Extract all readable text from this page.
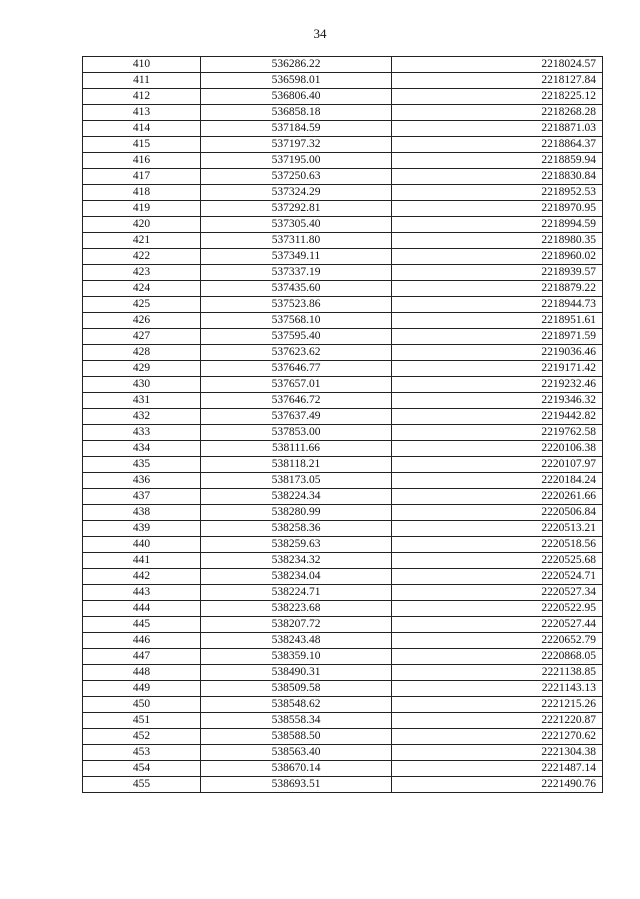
34
410	536286.22	2218024.57
411	536598.01	2218127.84
412	536806.40	2218225.12
413	536858.18	2218268.28
414	537184.59	2218871.03
415	537197.32	2218864.37
416	537195.00	2218859.94
417	537250.63	2218830.84
418	537324.29	2218952.53
419	537292.81	2218970.95
420	537305.40	2218994.59
421	537311.80	2218980.35
422	537349.11	2218960.02
423	537337.19	2218939.57
424	537435.60	2218879.22
425	537523.86	2218944.73
426	537568.10	2218951.61
427	537595.40	2218971.59
428	537623.62	2219036.46
429	537646.77	2219171.42
430	537657.01	2219232.46
431	537646.72	2219346.32
432	537637.49	2219442.82
433	537853.00	2219762.58
434	538111.66	2220106.38
435	538118.21	2220107.97
436	538173.05	2220184.24
437	538224.34	2220261.66
438	538280.99	2220506.84
439	538258.36	2220513.21
440	538259.63	2220518.56
441	538234.32	2220525.68
442	538234.04	2220524.71
443	538224.71	2220527.34
444	538223.68	2220522.95
445	538207.72	2220527.44
446	538243.48	2220652.79
447	538359.10	2220868.05
448	538490.31	2221138.85
449	538509.58	2221143.13
450	538548.62	2221215.26
451	538558.34	2221220.87
452	538588.50	2221270.62
453	538563.40	2221304.38
454	538670.14	2221487.14
455	538693.51	2221490.76
